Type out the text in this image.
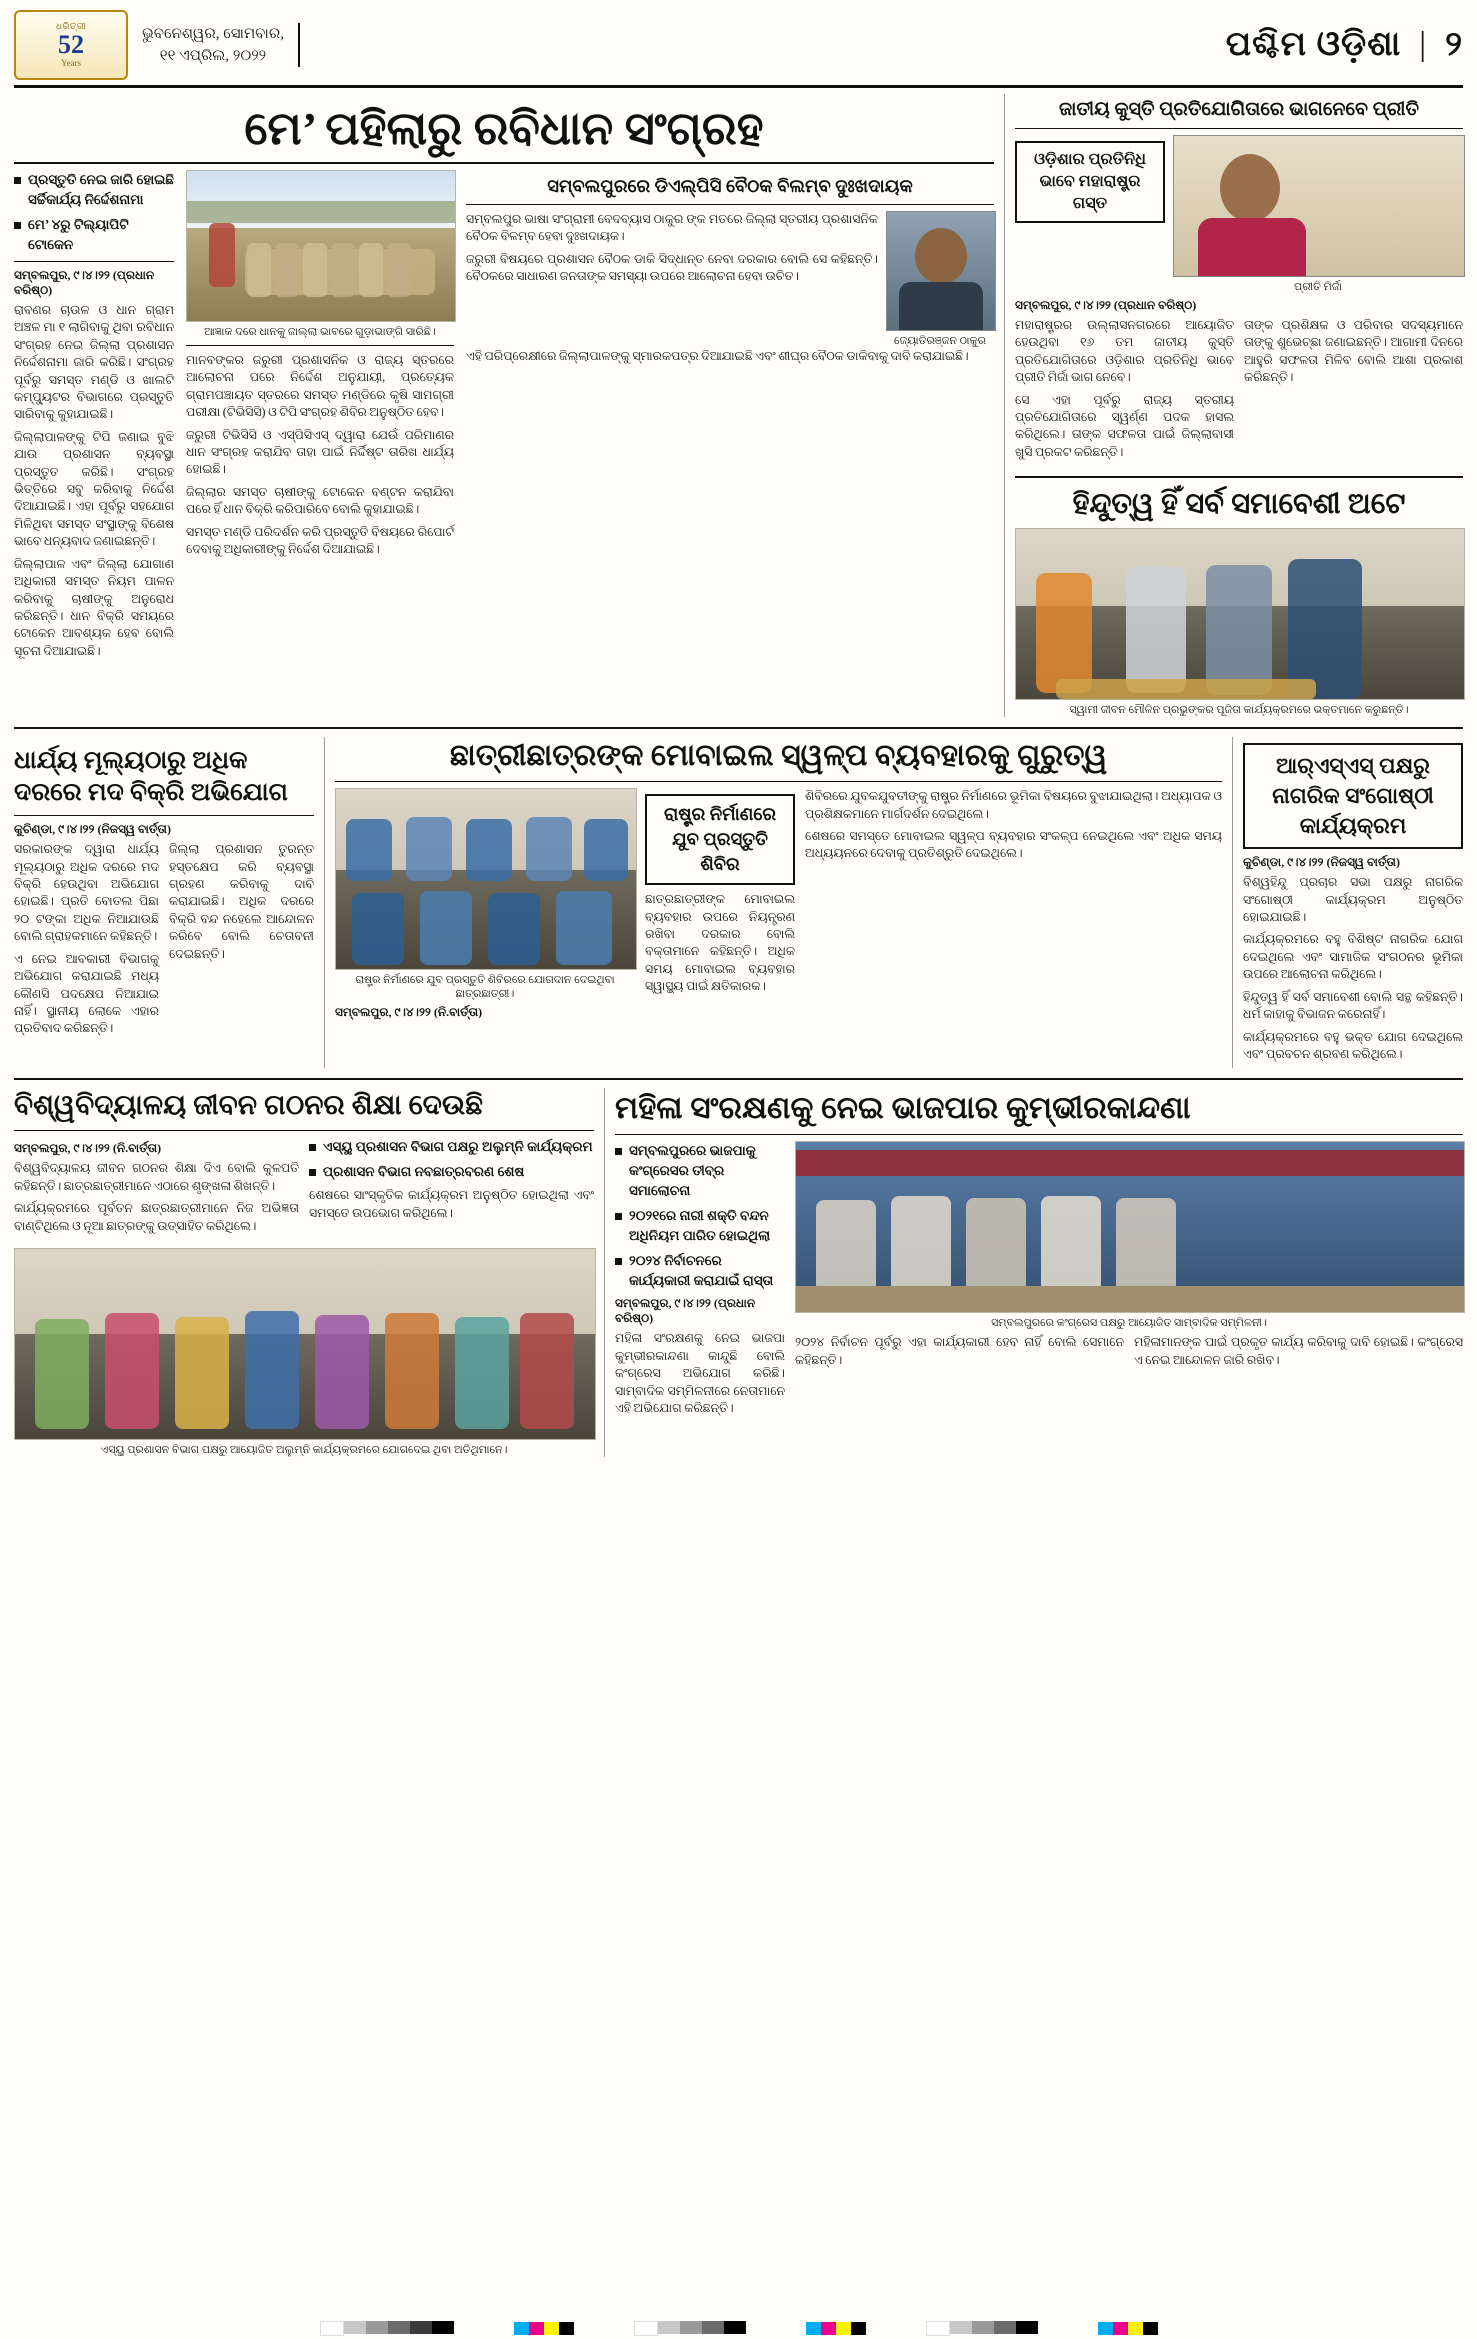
ଧରିତ୍ରୀ
52
Years
ଭୁବନେଶ୍ୱର, ସୋମବାର,
୧୧ ଏପ୍ରିଲ, ୨୦୨୨	ପଶ୍ଚିମ ଓଡ଼ିଶା | ୨
ମେ’ ପହିଲାରୁ ରବିଧାନ ସଂଗ୍ରହ
ପ୍ରସ୍ତୁତି ନେଇ ଜାରି ହୋଇଛି ସର୍ଚ୍ଚିକାର୍ଯ୍ୟ ନିର୍ଦ୍ଦେଶନାମା
ମେ’ ୪ରୁ ଟିଲ୍ୟାପିଟି ଟୋକେନ
ସମ୍ବଲପୁର, ୯।୪।୨୨ (ପ୍ରଧାନ ବରିଷ୍ଠ)

ରାବଣର ଚାଉଳ ଓ ଧାନ ଗ୍ରାମ ଅଞ୍ଚଳ ମା ୧ ଲାଗିବାକୁ ଥିବା ରବିଧାନ ସଂଗ୍ରହ ନେଇ ଜିଲ୍ଲା ପ୍ରଶାସନ ନିର୍ଦ୍ଦେଶନାମା ଜାରି କରିଛି। ସଂଗ୍ରହ ପୂର୍ବରୁ ସମସ୍ତ ମଣ୍ଡି ଓ ଖାଲଟି କମ୍ପ୍ୟୁଟର ବିଭାଗରେ ପ୍ରସ୍ତୁତି ସାରିବାକୁ କୁହାଯାଇଛି।

ଜିଲ୍ଲାପାଳଙ୍କୁ ଟିପି ଜଣାଇ ବୁଝି ଯାଉ ପ୍ରଶାସନ ବ୍ୟବସ୍ଥା ପ୍ରସ୍ତୁତ କରିଛି। ସଂଗ୍ରହ ଭିତ୍ତିରେ ସବୁ କରିବାକୁ ନିର୍ଦ୍ଦେଶ ଦିଆଯାଇଛି। ଏହା ପୂର୍ବରୁ ସହଯୋଗ ମିଳିଥିବା ସମସ୍ତ ସଂସ୍ଥାଙ୍କୁ ବିଶେଷ ଭାବେ ଧନ୍ୟବାଦ ଜଣାଇଛନ୍ତି।

ଜିଲ୍ଲାପାଳ ଏବଂ ଜିଲ୍ଲା ଯୋଗାଣ ଅଧିକାରୀ ସମସ୍ତ ନିୟମ ପାଳନ କରିବାକୁ ଚାଷୀଙ୍କୁ ଅନୁରୋଧ କରିଛନ୍ତି। ଧାନ ବିକ୍ରି ସମୟରେ ଟୋକେନ ଆବଶ୍ୟକ ହେବ ବୋଲି ସୂଚନା ଦିଆଯାଇଛି।

ଆଜ୍ଞାକ ଦରେ ଧାନକୁ ଜାଲ୍ଲା ଭାବରେ ଗୁଡ଼ାଭାଙ୍ଗି ସାରିଛି।

ମାନବଙ୍କର ଜରୁରୀ ପ୍ରଶାସନିକ ଓ ରାଜ୍ୟ ସ୍ତରରେ ଆଲୋଚନା ପରେ ନିର୍ଦ୍ଦେଶ ଅନୁଯାୟୀ, ପ୍ରତ୍ୟେକ ଗ୍ରାମପଞ୍ଚାୟତ ସ୍ତରରେ ସମସ୍ତ ମଣ୍ଡିରେ କୃଷି ସାମଗ୍ରୀ ପରୀକ୍ଷା (ଟିଭିସିସି) ଓ ଟିପି ସଂଗ୍ରହ ଶିବିର ଅନୁଷ୍ଠିତ ହେବ।

ଜରୁରୀ ଟିଭିସିସି ଓ ଏସ୍‌ପିସିଏସ୍‌ ଦ୍ୱାରା ଯେଉଁ ପରିମାଣର ଧାନ ସଂଗ୍ରହ କରାଯିବ ତାହା ପାଇଁ ନିର୍ଦ୍ଦିଷ୍ଟ ତାରିଖ ଧାର୍ଯ୍ୟ ହୋଇଛି।

ଜିଲ୍ଲାର ସମସ୍ତ ଚାଷୀଙ୍କୁ ଟୋକେନ ବଣ୍ଟନ କରାଯିବା ପରେ ହିଁ ଧାନ ବିକ୍ରି କରିପାରିବେ ବୋଲି କୁହାଯାଇଛି।

ସମସ୍ତ ମଣ୍ଡି ପରିଦର୍ଶନ କରି ପ୍ରସ୍ତୁତି ବିଷୟରେ ରିପୋର୍ଟ ଦେବାକୁ ଅଧିକାରୀଙ୍କୁ ନିର୍ଦ୍ଦେଶ ଦିଆଯାଇଛି।

ସମ୍ବଲପୁରରେ ଡିଏଲ୍‌ପିସି ବୈଠକ ବିଲମ୍ବ ଦୁଃଖଦାୟକ

ସମ୍ବଲପୁର ଭାଷା ସଂଗ୍ରାମୀ ବେଦବ୍ୟାସ ଠାକୁର ଙ୍କ ମତରେ ଜିଲ୍ଲା ସ୍ତରୀୟ ପ୍ରଶାସନିକ ବୈଠକ ବିଳମ୍ବ ହେବା ଦୁଃଖଦାୟକ।

ଜରୁରୀ ବିଷୟରେ ପ୍ରଶାସନ ବୈଠକ ଡାକି ସିଦ୍ଧାନ୍ତ ନେବା ଦରକାର ବୋଲି ସେ କହିଛନ୍ତି। ବୈଠକରେ ସାଧାରଣ ଜନତାଙ୍କ ସମସ୍ୟା ଉପରେ ଆଲୋଚନା ହେବା ଉଚିତ।

ଜ୍ୟୋତିରଞ୍ଜନ ଠାକୁର

ଏହି ପରିପ୍ରେକ୍ଷୀରେ ଜିଲ୍ଲାପାଳଙ୍କୁ ସ୍ମାରକପତ୍ର ଦିଆଯାଇଛି ଏବଂ ଶୀଘ୍ର ବୈଠକ ଡାକିବାକୁ ଦାବି କରାଯାଇଛି।

ଜାତୀୟ କୁସ୍ତି ପ୍ରତିଯୋଗିତାରେ ଭାଗନେବେ ପ୍ରୀତି
ଓଡ଼ିଶାର ପ୍ରତିନିଧି ଭାବେ ମହାରାଷ୍ଟ୍ର ଗସ୍ତ
ପ୍ରୀତି ମିର୍ଜା
ସମ୍ବଲପୁର, ୯।୪।୨୨ (ପ୍ରଧାନ ବରିଷ୍ଠ)

ମହାରାଷ୍ଟ୍ରର ଉଲ୍ଲାସନଗରରେ ଆୟୋଜିତ ହେଉଥିବା ୧୬ ତମ ଜାତୀୟ କୁସ୍ତି ପ୍ରତିଯୋଗିତାରେ ଓଡ଼ିଶାର ପ୍ରତିନିଧି ଭାବେ ପ୍ରୀତି ମିର୍ଜା ଭାଗ ନେବେ।

ସେ ଏହା ପୂର୍ବରୁ ରାଜ୍ୟ ସ୍ତରୀୟ ପ୍ରତିଯୋଗିତାରେ ସ୍ୱର୍ଣ୍ଣ ପଦକ ହାସଲ କରିଥିଲେ। ତାଙ୍କ ସଫଳତା ପାଇଁ ଜିଲ୍ଲାବାସୀ ଖୁସି ପ୍ରକଟ କରିଛନ୍ତି।

ତାଙ୍କ ପ୍ରଶିକ୍ଷକ ଓ ପରିବାର ସଦସ୍ୟମାନେ ତାଙ୍କୁ ଶୁଭେଚ୍ଛା ଜଣାଇଛନ୍ତି। ଆଗାମୀ ଦିନରେ ଆହୁରି ସଫଳତା ମିଳିବ ବୋଲି ଆଶା ପ୍ରକାଶ କରିଛନ୍ତି।

ହିନ୍ଦୁତ୍ୱ ହିଁ ସର୍ବ ସମାବେଶୀ ଅଟେ
ସ୍ୱାମୀ ଜୀବନ ମୌଳିନ ପ୍ରଭୁଙ୍କର ପୂଜିତା କାର୍ଯ୍ୟକ୍ରମରେ ଭକ୍ତମାନେ କରୁଛନ୍ତି।
ଧାର୍ଯ୍ୟ ମୂଲ୍ୟଠାରୁ ଅଧିକ ଦରରେ ମଦ ବିକ୍ରି ଅଭିଯୋଗ
କୁଚିଣ୍ଡା, ୯।୪।୨୨ (ନିଜସ୍ୱ ବାର୍ତ୍ତା)

ସରକାରଙ୍କ ଦ୍ୱାରା ଧାର୍ଯ୍ୟ ମୂଲ୍ୟଠାରୁ ଅଧିକ ଦରରେ ମଦ ବିକ୍ରି ହେଉଥିବା ଅଭିଯୋଗ ହୋଇଛି। ପ୍ରତି ବୋତଲ ପିଛା ୨୦ ଟଙ୍କା ଅଧିକ ନିଆଯାଉଛି ବୋଲି ଗ୍ରାହକମାନେ କହିଛନ୍ତି।

ଏ ନେଇ ଆବକାରୀ ବିଭାଗକୁ ଅଭିଯୋଗ କରାଯାଇଛି ମଧ୍ୟ କୌଣସି ପଦକ୍ଷେପ ନିଆଯାଇ ନାହିଁ। ସ୍ଥାନୀୟ ଲୋକେ ଏହାର ପ୍ରତିବାଦ କରିଛନ୍ତି।

ଜିଲ୍ଲା ପ୍ରଶାସନ ତୁରନ୍ତ ହସ୍ତକ୍ଷେପ କରି ବ୍ୟବସ୍ଥା ଗ୍ରହଣ କରିବାକୁ ଦାବି କରାଯାଇଛି। ଅଧିକ ଦରରେ ବିକ୍ରି ବନ୍ଦ ନହେଲେ ଆନ୍ଦୋଳନ କରିବେ ବୋଲି ଚେତାବନୀ ଦେଇଛନ୍ତି।

ଛାତ୍ରୀଛାତ୍ରଙ୍କ ମୋବାଇଲ ସ୍ୱଳ୍ପ ବ୍ୟବହାରକୁ ଗୁରୁତ୍ୱ
ରାଷ୍ଟ୍ର ନିର୍ମାଣରେ ଯୁବ ପ୍ରସ୍ତୁତି ଶିବିରରେ ଯୋଗଦାନ ଦେଇଥିବା ଛାତ୍ରଛାତ୍ରୀ।
ସମ୍ବଲପୁର, ୯।୪।୨୨ (ନି.ବାର୍ତ୍ତା)
ରାଷ୍ଟ୍ର ନିର୍ମାଣରେ ଯୁବ ପ୍ରସ୍ତୁତି ଶିବିର

ଛାତ୍ରଛାତ୍ରୀଙ୍କ ମୋବାଇଲ ବ୍ୟବହାର ଉପରେ ନିୟନ୍ତ୍ରଣ ରଖିବା ଦରକାର ବୋଲି ବକ୍ତାମାନେ କହିଛନ୍ତି। ଅଧିକ ସମୟ ମୋବାଇଲ ବ୍ୟବହାର ସ୍ୱାସ୍ଥ୍ୟ ପାଇଁ କ୍ଷତିକାରକ।

ଶିବିରରେ ଯୁବକଯୁବତୀଙ୍କୁ ରାଷ୍ଟ୍ର ନିର୍ମାଣରେ ଭୂମିକା ବିଷୟରେ ବୁଝାଯାଇଥିଲା। ଅଧ୍ୟାପକ ଓ ପ୍ରଶିକ୍ଷକମାନେ ମାର୍ଗଦର୍ଶନ ଦେଇଥିଲେ।

ଶେଷରେ ସମସ୍ତେ ମୋବାଇଲ ସ୍ୱଳ୍ପ ବ୍ୟବହାର ସଂକଳ୍ପ ନେଇଥିଲେ ଏବଂ ଅଧିକ ସମୟ ଅଧ୍ୟୟନରେ ଦେବାକୁ ପ୍ରତିଶ୍ରୁତି ଦେଇଥିଲେ।

ଆର୍‌ଏସ୍‌ଏସ୍‌ ପକ୍ଷରୁ
ନାଗରିକ ସଂଗୋଷ୍ଠୀ
କାର୍ଯ୍ୟକ୍ରମ
କୁଚିଣ୍ଡା, ୯।୪।୨୨ (ନିଜସ୍ୱ ବାର୍ତ୍ତା)

ବିଶ୍ୱହିନ୍ଦୁ ପ୍ରଚାର ସଭା ପକ୍ଷରୁ ନାଗରିକ ସଂଗୋଷ୍ଠୀ କାର୍ଯ୍ୟକ୍ରମ ଅନୁଷ୍ଠିତ ହୋଇଯାଇଛି।

କାର୍ଯ୍ୟକ୍ରମରେ ବହୁ ବିଶିଷ୍ଟ ନାଗରିକ ଯୋଗ ଦେଇଥିଲେ ଏବଂ ସାମାଜିକ ସଂଗଠନର ଭୂମିକା ଉପରେ ଆଲୋଚନା କରିଥିଲେ।

ହିନ୍ଦୁତ୍ୱ ହିଁ ସର୍ବ ସମାବେଶୀ ବୋଲି ସନ୍ଥ କହିଛନ୍ତି। ଧର୍ମ କାହାକୁ ବିଭାଜନ କରେନାହିଁ।

କାର୍ଯ୍ୟକ୍ରମରେ ବହୁ ଭକ୍ତ ଯୋଗ ଦେଇଥିଲେ ଏବଂ ପ୍ରବଚନ ଶ୍ରବଣ କରିଥିଲେ।

ବିଶ୍ୱବିଦ୍ୟାଳୟ ଜୀବନ ଗଠନର ଶିକ୍ଷା ଦେଉଛି
ସମ୍ବଲପୁର, ୯।୪।୨୨ (ନି.ବାର୍ତ୍ତା)

ବିଶ୍ୱବିଦ୍ୟାଳୟ ଜୀବନ ଗଠନର ଶିକ୍ଷା ଦିଏ ବୋଲି କୁଳପତି କହିଛନ୍ତି। ଛାତ୍ରଛାତ୍ରୀମାନେ ଏଠାରେ ଶୃଙ୍ଖଳା ଶିଖନ୍ତି।

କାର୍ଯ୍ୟକ୍ରମରେ ପୂର୍ବତନ ଛାତ୍ରଛାତ୍ରୀମାନେ ନିଜ ଅଭିଜ୍ଞତା ବାଣ୍ଟିଥିଲେ ଓ ନୂଆ ଛାତ୍ରଙ୍କୁ ଉତ୍ସାହିତ କରିଥିଲେ।

ଏସ୍‌ୟୁ ପ୍ରଶାସନ ବିଭାଗ ପକ୍ଷରୁ ଅଲୁମ୍ନି କାର୍ଯ୍ୟକ୍ରମ
ପ୍ରଶାସନ ବିଭାଗ ନବଛାତ୍ରବରଣ ଶେଷ

ଶେଷରେ ସାଂସ୍କୃତିକ କାର୍ଯ୍ୟକ୍ରମ ଅନୁଷ୍ଠିତ ହୋଇଥିଲା ଏବଂ ସମସ୍ତେ ଉପଭୋଗ କରିଥିଲେ।

ଏସ୍‌ୟୁ ପ୍ରଶାସନ ବିଭାଗ ପକ୍ଷରୁ ଆୟୋଜିତ ଅଲୁମ୍ନି କାର୍ଯ୍ୟକ୍ରମରେ ଯୋଗଦେଇ ଥିବା ଅତିଥିମାନେ।
ମହିଳା ସଂରକ୍ଷଣକୁ ନେଇ ଭାଜପାର କୁମ୍ଭୀରକାନ୍ଦଣା
ସମ୍ବଲପୁରରେ ଭାଜପାକୁ କଂଗ୍ରେସର ତୀବ୍ର ସମାଲୋଚନା
୨୦୨୧ରେ ନାରୀ ଶକ୍ତି ବନ୍ଦନ ଅଧିନିୟମ ପାରିତ ହୋଇଥିଲା
୨୦୨୪ ନିର୍ବାଚନରେ କାର୍ଯ୍ୟକାରୀ କରାଯାଇଁ ରାସ୍ତା
ସମ୍ବଲପୁର, ୯।୪।୨୨ (ପ୍ରଧାନ ବରିଷ୍ଠ)

ମହିଳା ସଂରକ୍ଷଣକୁ ନେଇ ଭାଜପା କୁମ୍ଭୀରକାନ୍ଦଣା କାନ୍ଦୁଛି ବୋଲି କଂଗ୍ରେସ ଅଭିଯୋଗ କରିଛି। ସାମ୍ବାଦିକ ସମ୍ମିଳନୀରେ ନେତାମାନେ ଏହି ଅଭିଯୋଗ କରିଛନ୍ତି।

ସମ୍ବଲପୁରରେ କଂଗ୍ରେସ ପକ୍ଷରୁ ଆୟୋଜିତ ସାମ୍ବାଦିକ ସମ୍ମିଳନୀ।

୨୦୨୪ ନିର୍ବାଚନ ପୂର୍ବରୁ ଏହା କାର୍ଯ୍ୟକାରୀ ହେବ ନାହିଁ ବୋଲି ସେମାନେ କହିଛନ୍ତି।

ମହିଳାମାନଙ୍କ ପାଇଁ ପ୍ରକୃତ କାର୍ଯ୍ୟ କରିବାକୁ ଦାବି ହୋଇଛି। କଂଗ୍ରେସ ଏ ନେଇ ଆନ୍ଦୋଳନ ଜାରି ରଖିବ।
